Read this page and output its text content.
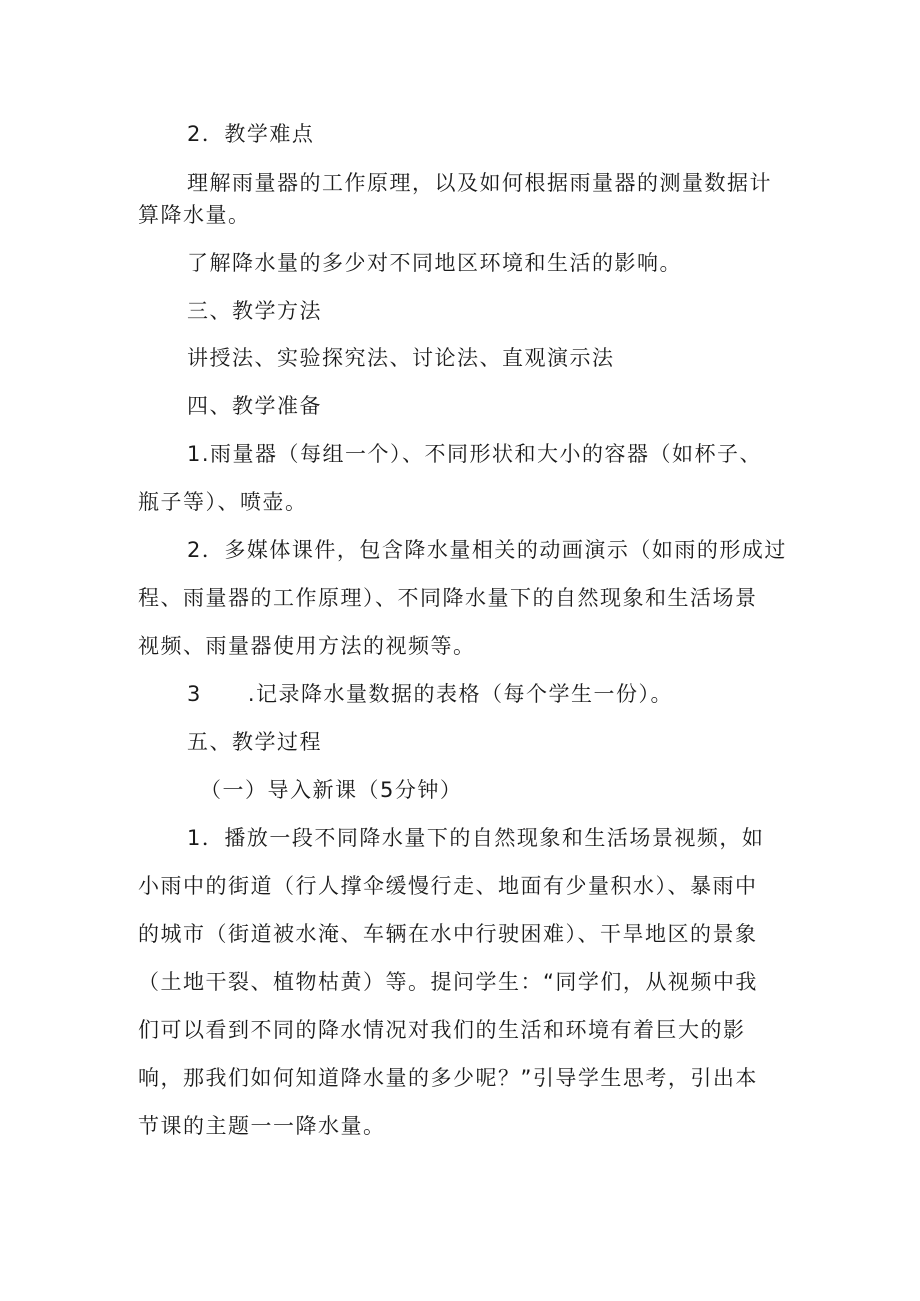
2．教学难点
理解雨量器的工作原理，以及如何根据雨量器的测量数据计
算降水量。
了解降水量的多少对不同地区环境和生活的影响。
三、教学方法
讲授法、实验探究法、讨论法、直观演示法
四、教学准备
1.雨量器（每组一个）、不同形状和大小的容器（如杯子、
瓶子等）、喷壶。
2．多媒体课件，包含降水量相关的动画演示（如雨的形成过
程、雨量器的工作原理）、不同降水量下的自然现象和生活场景
视频、雨量器使用方法的视频等。
3 .记录降水量数据的表格（每个学生一份）。
五、教学过程
（一）导入新课（5分钟）
1．播放一段不同降水量下的自然现象和生活场景视频，如
小雨中的街道（行人撑伞缓慢行走、地面有少量积水）、暴雨中
的城市（街道被水淹、车辆在水中行驶困难）、干旱地区的景象
（土地干裂、植物枯黄）等。提问学生：“同学们，从视频中我
们可以看到不同的降水情况对我们的生活和环境有着巨大的影
响，那我们如何知道降水量的多少呢？”引导学生思考，引出本
节课的主题一一降水量。
